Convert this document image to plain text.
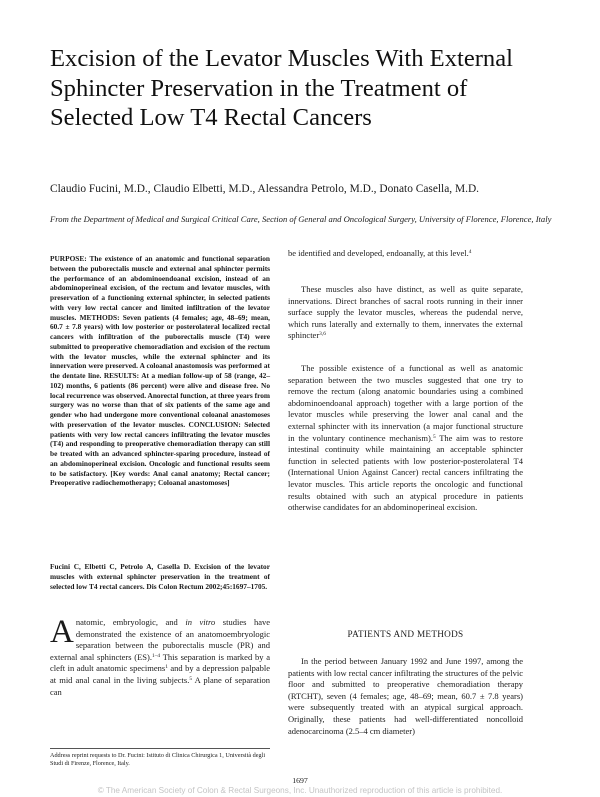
Excision of the Levator Muscles With External Sphincter Preservation in the Treatment of Selected Low T4 Rectal Cancers
Claudio Fucini, M.D., Claudio Elbetti, M.D., Alessandra Petrolo, M.D., Donato Casella, M.D.
From the Department of Medical and Surgical Critical Care, Section of General and Oncological Surgery, University of Florence, Florence, Italy
PURPOSE: The existence of an anatomic and functional separation between the puborectalis muscle and external anal sphincter permits the performance of an abdominoendoanal excision, instead of an abdominoperineal excision, of the rectum and levator muscles, with preservation of a functioning external sphincter, in selected patients with very low rectal cancer and limited infiltration of the levator muscles. METHODS: Seven patients (4 females; age, 48–69; mean, 60.7 ± 7.8 years) with low posterior or posterolateral localized rectal cancers with infiltration of the puborectalis muscle (T4) were submitted to preoperative chemoradiation and excision of the rectum with the levator muscles, while the external sphincter and its innervation were preserved. A coloanal anastomosis was performed at the dentate line. RESULTS: At a median follow-up of 58 (range, 42–102) months, 6 patients (86 percent) were alive and disease free. No local recurrence was observed. Anorectal function, at three years from surgery was no worse than that of six patients of the same age and gender who had undergone more conventional coloanal anastomoses with preservation of the levator muscles. CONCLUSION: Selected patients with very low rectal cancers infiltrating the levator muscles (T4) and responding to preoperative chemoradiation therapy can still be treated with an advanced sphincter-sparing procedure, instead of an abdominoperineal excision. Oncologic and functional results seem to be satisfactory. [Key words: Anal canal anatomy; Rectal cancer; Preoperative radiochemotherapy; Coloanal anastomoses]
Fucini C, Elbetti C, Petrolo A, Casella D. Excision of the levator muscles with external sphincter preservation in the treatment of selected low T4 rectal cancers. Dis Colon Rectum 2002;45:1697–1705.
Anatomic, embryologic, and in vitro studies have demonstrated the existence of an anatomoembryologic separation between the puborectalis muscle (PR) and external anal sphincters (ES).$^{1-4}$ This separation is marked by a cleft in adult anatomic specimens$^1$ and by a depression palpable at mid anal canal in the living subjects.$^5$ A plane of separation can
Address reprint requests to Dr. Fucini: Istituto di Clinica Chirurgica 1, Università degli Studi di Firenze, Florence, Italy.
be identified and developed, endoanally, at this level.$^4$
These muscles also have distinct, as well as quite separate, innervations. Direct branches of sacral roots running in their inner surface supply the levator muscles, whereas the pudendal nerve, which runs laterally and externally to them, innervates the external sphincter$^{3,6}$
The possible existence of a functional as well as anatomic separation between the two muscles suggested that one try to remove the rectum (along anatomic boundaries using a combined abdominoendoanal approach) together with a large portion of the levator muscles while preserving the lower anal canal and the external sphincter with its innervation (a major functional structure in the voluntary continence mechanism).$^5$ The aim was to restore intestinal continuity while maintaining an acceptable sphincter function in selected patients with low posterior-posterolateral T4 (International Union Against Cancer) rectal cancers infiltrating the levator muscles. This article reports the oncologic and functional results obtained with such an atypical procedure in patients otherwise candidates for an abdominoperineal excision.
PATIENTS AND METHODS
In the period between January 1992 and June 1997, among the patients with low rectal cancer infiltrating the structures of the pelvic floor and submitted to preoperative chemoradiation therapy (RTCHT), seven (4 females; age, 48–69; mean, 60.7 ± 7.8 years) were subsequently treated with an atypical surgical approach. Originally, these patients had well-differentiated noncolloid adenocarcinoma (2.5–4 cm diameter)
1697
© The American Society of Colon & Rectal Surgeons, Inc. Unauthorized reproduction of this article is prohibited.
